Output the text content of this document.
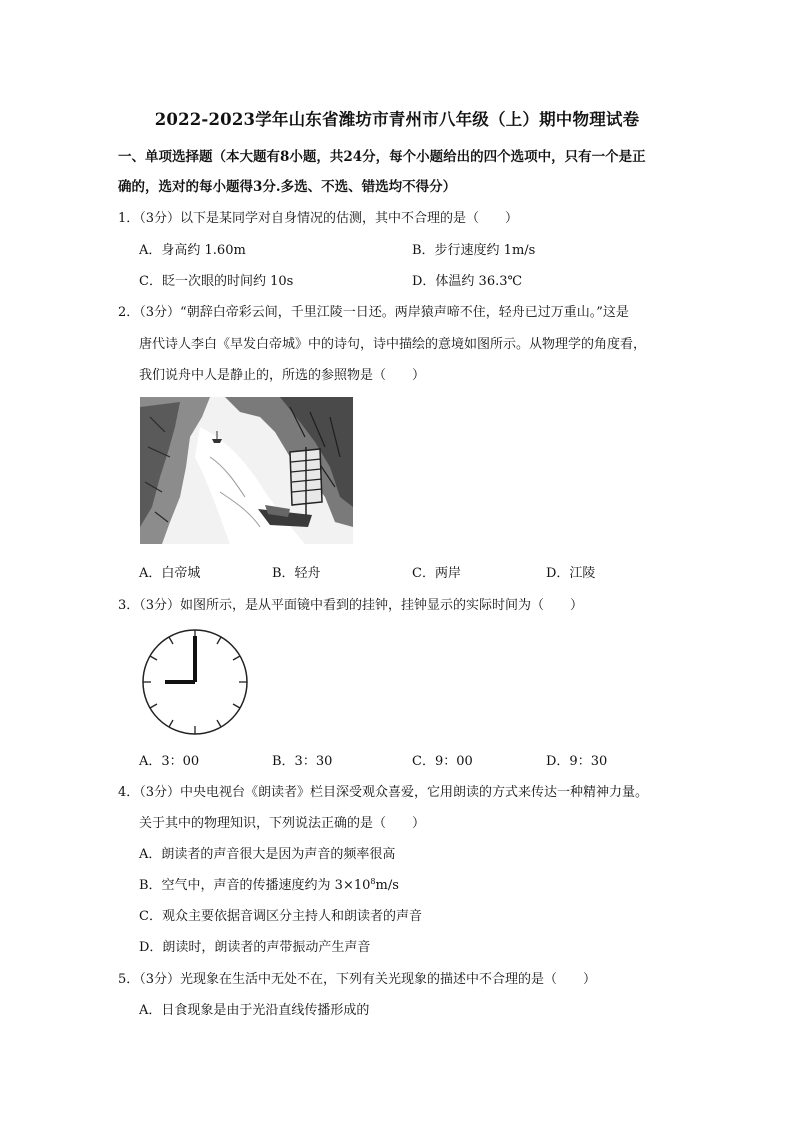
2022-2023学年山东省潍坊市青州市八年级（上）期中物理试卷
一、单项选择题（本大题有8小题，共24分，每个小题给出的四个选项中，只有一个是正
确的，选对的每小题得3分.多选、不选、错选均不得分）
1．（3分）以下是某同学对自身情况的估测，其中不合理的是（　　）
A．身高约 1.60m	B．步行速度约 1m/s
C．眨一次眼的时间约 10s	D．体温约 36.3℃
2．（3分）“朝辞白帝彩云间，千里江陵一日还。两岸猿声啼不住，轻舟已过万重山。”这是
唐代诗人李白《早发白帝城》中的诗句，诗中描绘的意境如图所示。从物理学的角度看，
我们说舟中人是静止的，所选的参照物是（　　）
A．白帝城	B．轻舟	C．两岸	D．江陵
3．（3分）如图所示，是从平面镜中看到的挂钟，挂钟显示的实际时间为（　　）
A．3：00	B．3：30	C．9：00	D．9：30
4．（3分）中央电视台《朗读者》栏目深受观众喜爱，它用朗读的方式来传达一种精神力量。
关于其中的物理知识，下列说法正确的是（　　）
A．朗读者的声音很大是因为声音的频率很高
B．空气中，声音的传播速度约为 $3\times 10^8m/s$
C．观众主要依据音调区分主持人和朗读者的声音
D．朗读时，朗读者的声带振动产生声音
5．（3分）光现象在生活中无处不在，下列有关光现象的描述中不合理的是（　　）
A．日食现象是由于光沿直线传播形成的
